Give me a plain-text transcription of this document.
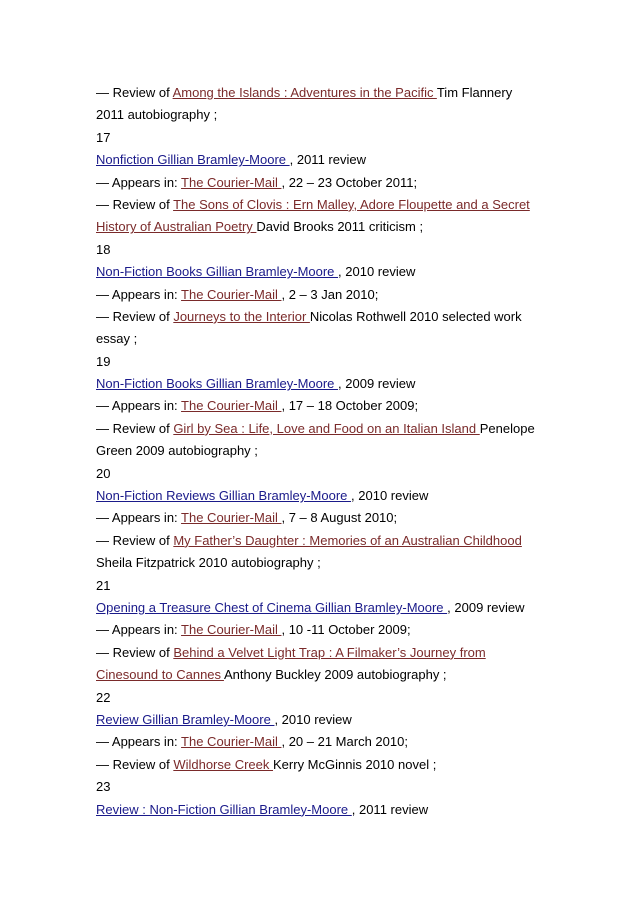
— Review of Among the Islands : Adventures in the Pacific Tim Flannery
2011 autobiography ;
17
Nonfiction Gillian Bramley-Moore , 2011 review
— Appears in: The Courier-Mail , 22 – 23 October 2011;
— Review of The Sons of Clovis : Ern Malley, Adore Floupette and a Secret
History of Australian Poetry David Brooks 2011 criticism ;
18
Non-Fiction Books Gillian Bramley-Moore , 2010 review
— Appears in: The Courier-Mail , 2 – 3 Jan 2010;
— Review of Journeys to the Interior Nicolas Rothwell 2010 selected work
essay ;
19
Non-Fiction Books Gillian Bramley-Moore , 2009 review
— Appears in: The Courier-Mail , 17 – 18 October 2009;
— Review of Girl by Sea : Life, Love and Food on an Italian Island Penelope
Green 2009 autobiography ;
20
Non-Fiction Reviews Gillian Bramley-Moore , 2010 review
— Appears in: The Courier-Mail , 7 – 8 August 2010;
— Review of My Father’s Daughter : Memories of an Australian Childhood
Sheila Fitzpatrick 2010 autobiography ;
21
Opening a Treasure Chest of Cinema Gillian Bramley-Moore , 2009 review
— Appears in: The Courier-Mail , 10 -11 October 2009;
— Review of Behind a Velvet Light Trap : A Filmaker’s Journey from
Cinesound to Cannes Anthony Buckley 2009 autobiography ;
22
Review Gillian Bramley-Moore , 2010 review
— Appears in: The Courier-Mail , 20 – 21 March 2010;
— Review of Wildhorse Creek Kerry McGinnis 2010 novel ;
23
Review : Non-Fiction Gillian Bramley-Moore , 2011 review
